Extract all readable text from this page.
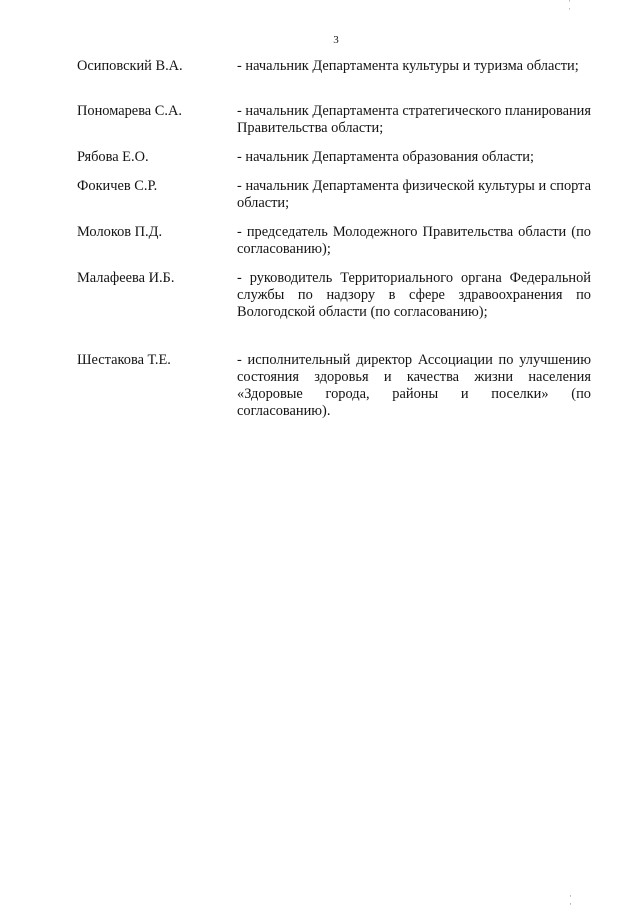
· ·
3
Осиповский В.А.	- начальник Департамента культуры и туризма области;
Пономарева С.А.	- начальник Департамента стратегического планирования Правительства области;
Рябова Е.О.	- начальник Департамента образования области;
Фокичев С.Р.	- начальник Департамента физической культуры и спорта области;
Молоков П.Д.	- председатель Молодежного Правительства области (по согласованию);
Малафеева И.Б.	- руководитель Территориального органа Федеральной службы по надзору в сфере здравоохранения по Вологодской области (по согласованию);
Шестакова Т.Е.	- исполнительный директор Ассоциации по улучшению состояния здоровья и качества жизни населения «Здоровые города, районы и поселки» (по согласованию).
· ·
